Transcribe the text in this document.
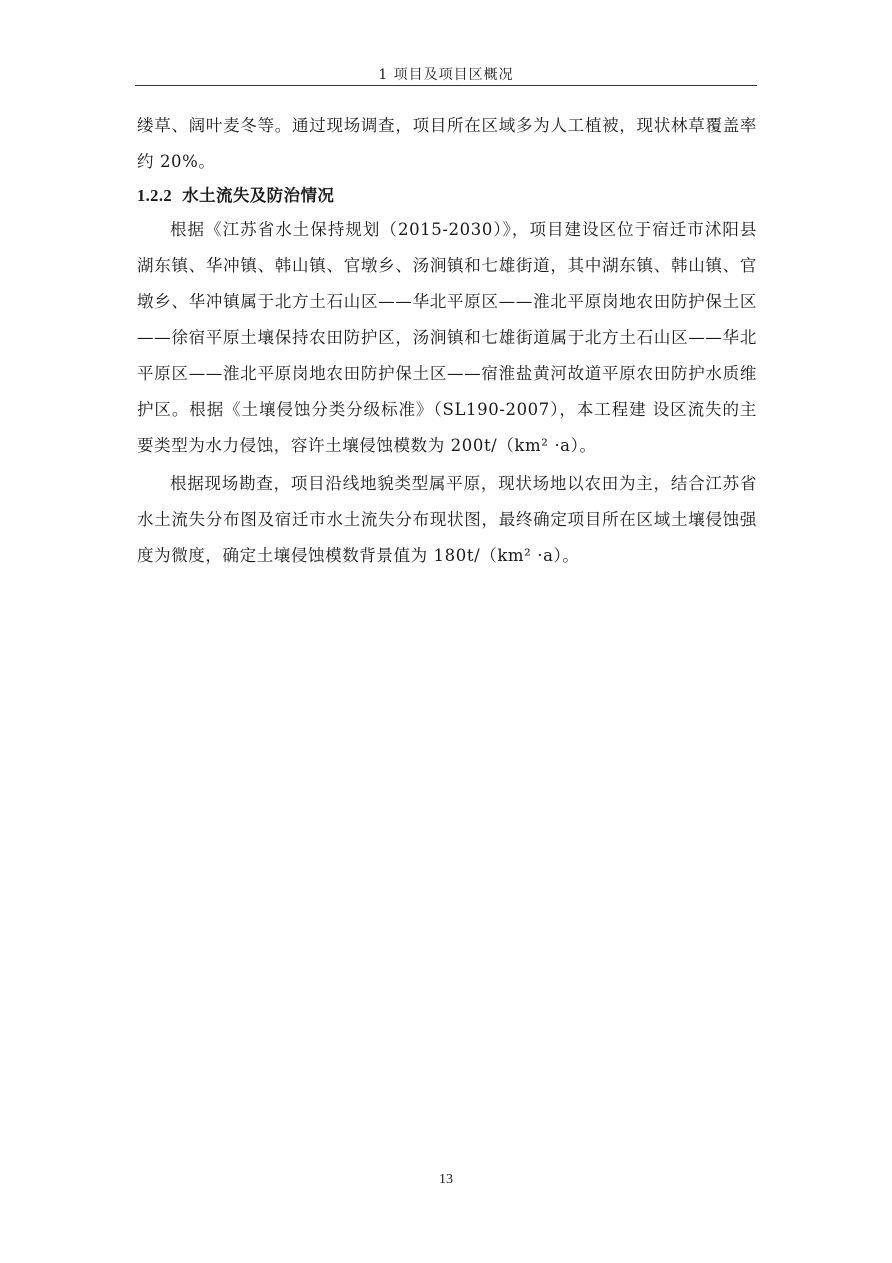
1 项目及项目区概况

缕草、阔叶麦冬等。通过现场调查，项目所在区域多为人工植被，现状林草覆盖率约 20%。

1.2.2 水土流失及防治情况

根据《江苏省水土保持规划（2015-2030）》，项目建设区位于宿迁市沭阳县湖东镇、华冲镇、韩山镇、官墩乡、汤涧镇和七雄街道，其中湖东镇、韩山镇、官墩乡、华冲镇属于北方土石山区——华北平原区——淮北平原岗地农田防护保土区——徐宿平原土壤保持农田防护区，汤涧镇和七雄街道属于北方土石山区——华北平原区——淮北平原岗地农田防护保土区——宿淮盐黄河故道平原农田防护水质维护区。根据《土壤侵蚀分类分级标准》（SL190-2007），本工程建 设区流失的主要类型为水力侵蚀，容许土壤侵蚀模数为 200t/（km² ·a）。

根据现场勘查，项目沿线地貌类型属平原，现状场地以农田为主，结合江苏省水土流失分布图及宿迁市水土流失分布现状图，最终确定项目所在区域土壤侵蚀强度为微度，确定土壤侵蚀模数背景值为 180t/（km² ·a）。

13
